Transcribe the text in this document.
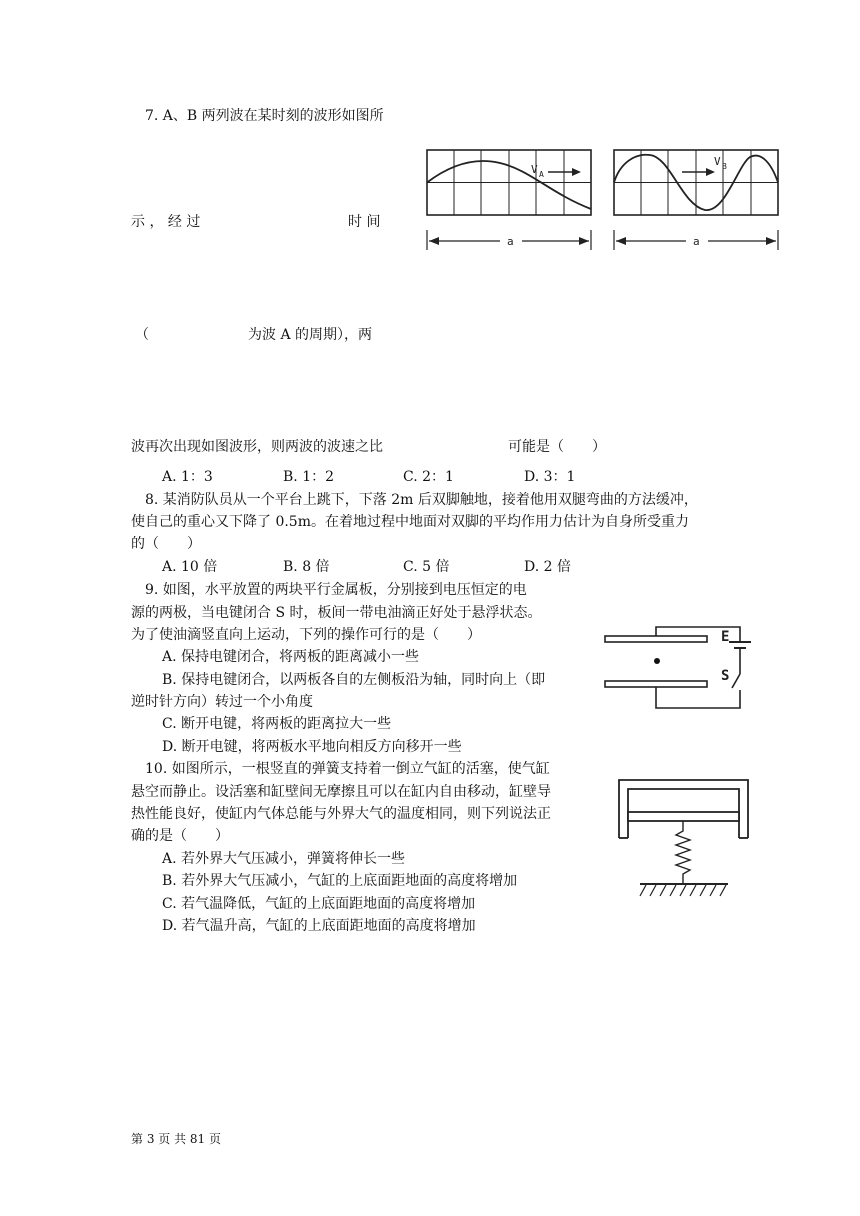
7. A、B 两列波在某时刻的波形如图所
示 ， 经 过	时 间
（	为波 A 的周期），两
波再次出现如图波形，则两波的波速之比	可能是（　　）
A. 1：3	B. 1：2	C. 2：1	D. 3：1
V A
V B
a	a
8. 某消防队员从一个平台上跳下，下落 2m 后双脚触地，接着他用双腿弯曲的方法缓冲，
使自己的重心又下降了 0.5m。在着地过程中地面对双脚的平均作用力估计为自身所受重力
的（　　）
A. 10 倍	B. 8 倍	C. 5 倍	D. 2 倍
9. 如图，水平放置的两块平行金属板，分别接到电压恒定的电
源的两极，当电键闭合 S 时，板间一带电油滴正好处于悬浮状态。
为了使油滴竖直向上运动，下列的操作可行的是（　　）
A. 保持电键闭合，将两板的距离减小一些
B. 保持电键闭合，以两板各自的左侧板沿为轴，同时向上（即
逆时针方向）转过一个小角度
C. 断开电键，将两板的距离拉大一些
D. 断开电键，将两板水平地向相反方向移开一些
E
S
10. 如图所示，一根竖直的弹簧支持着一倒立气缸的活塞，使气缸
悬空而静止。设活塞和缸壁间无摩擦且可以在缸内自由移动，缸壁导
热性能良好，使缸内气体总能与外界大气的温度相同，则下列说法正
确的是（　　）
A. 若外界大气压减小，弹簧将伸长一些
B. 若外界大气压减小，气缸的上底面距地面的高度将增加
C. 若气温降低，气缸的上底面距地面的高度将增加
D. 若气温升高，气缸的上底面距地面的高度将增加
第 3 页 共 81 页
